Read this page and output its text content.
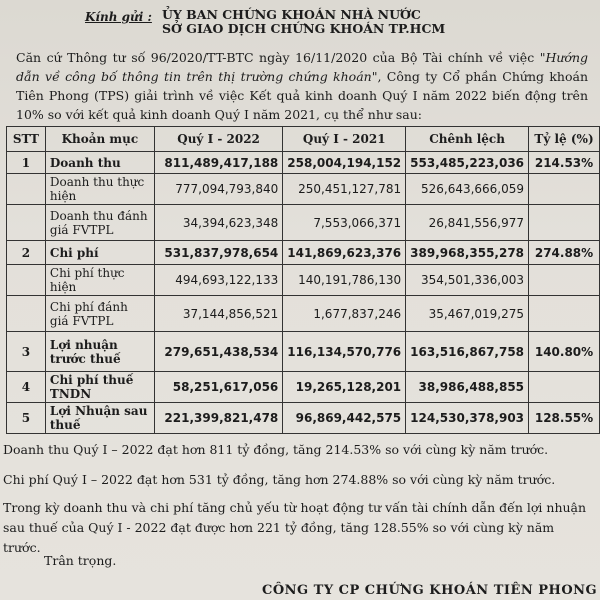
Kính gửi : ỦY BAN CHỨNG KHOÁN NHÀ NƯỚC
SỞ GIAO DỊCH CHỨNG KHOÁN TP.HCM
Căn cứ Thông tư số 96/2020/TT-BTC ngày 16/11/2020 của Bộ Tài chính về việc "Hướng dẫn về công bố thông tin trên thị trường chứng khoán", Công ty Cổ phần Chứng khoán Tiên Phong (TPS) giải trình về việc Kết quả kinh doanh Quý I năm 2022 biến động trên 10% so với kết quả kinh doanh Quý I năm 2021, cụ thể như sau:
STT	Khoản mục	Quý I - 2022	Quý I - 2021	Chênh lệch	Tỷ lệ (%)
1	Doanh thu	811,489,417,188	258,004,194,152	553,485,223,036	214.53%
	Doanh thu thực hiện	777,094,793,840	250,451,127,781	526,643,666,059	
	Doanh thu đánh giá FVTPL	34,394,623,348	7,553,066,371	26,841,556,977	
2	Chi phí	531,837,978,654	141,869,623,376	389,968,355,278	274.88%
	Chi phí thực hiện	494,693,122,133	140,191,786,130	354,501,336,003	
	Chi phí đánh giá FVTPL	37,144,856,521	1,677,837,246	35,467,019,275	
3	Lợi nhuận trước thuế	279,651,438,534	116,134,570,776	163,516,867,758	140.80%
4	Chi phí thuế TNDN	58,251,617,056	19,265,128,201	38,986,488,855	
5	Lợi Nhuận sau thuế	221,399,821,478	96,869,442,575	124,530,378,903	128.55%
Doanh thu Quý I – 2022 đạt hơn 811 tỷ đồng, tăng 214.53% so với cùng kỳ năm trước.
Chi phí Quý I – 2022 đạt hơn 531 tỷ đồng, tăng hơn 274.88% so với cùng kỳ năm trước.
Trong kỳ doanh thu và chi phí tăng chủ yếu từ hoạt động tư vấn tài chính dẫn đến lợi nhuận sau thuế của Quý I - 2022 đạt được hơn 221 tỷ đồng, tăng 128.55% so với cùng kỳ năm trước.
Trân trọng.
CÔNG TY CP CHỨNG KHOÁN TIÊN PHONG
